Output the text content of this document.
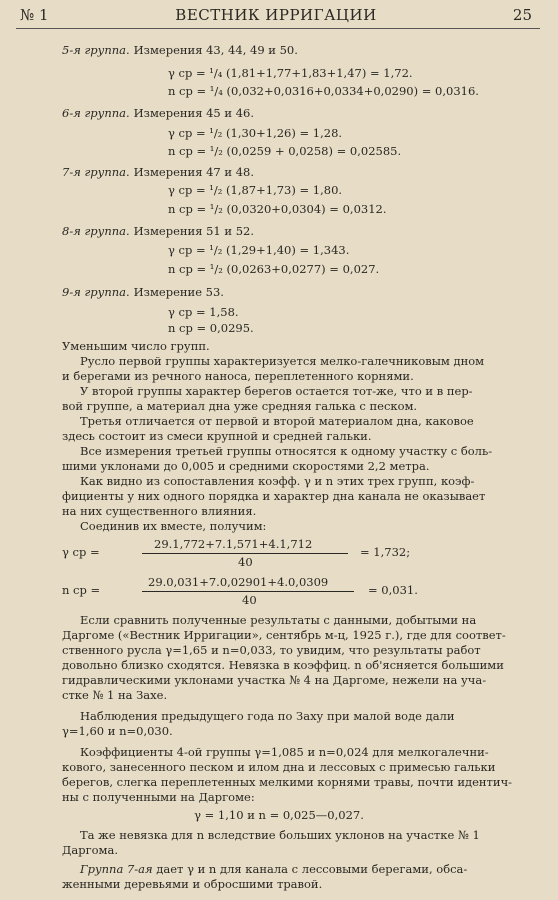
№ 1	ВЕСТНИК ИРРИГАЦИИ	25
5-я группа. Измерения 43, 44, 49 и 50.
γ ср = ¹/₄ (1,81+1,77+1,83+1,47) = 1,72.
n ср = ¹/₄ (0,032+0,0316+0,0334+0,0290) = 0,0316.
6-я группа. Измерения 45 и 46.
γ ср = ¹/₂ (1,30+1,26) = 1,28.
n ср = ¹/₂ (0,0259 + 0,0258) = 0,02585.
7-я группа. Измерения 47 и 48.
γ ср = ¹/₂ (1,87+1,73) = 1,80.
n ср = ¹/₂ (0,0320+0,0304) = 0,0312.
8-я группа. Измерения 51 и 52.
γ ср = ¹/₂ (1,29+1,40) = 1,343.
n ср = ¹/₂ (0,0263+0,0277) = 0,027.
9-я группа. Измерение 53.
γ ср = 1,58.
n ср = 0,0295.
Уменьшим число групп.
Русло первой группы характеризуется мелко-галечниковым дном
и берегами из речного наноса, переплетенного корнями.
У второй группы характер берегов остается тот-же, что и в пер-
вой группе, а материал дна уже средняя галька с песком.
Третья отличается от первой и второй материалом дна, каковое
здесь состоит из смеси крупной и средней гальки.
Все измерения третьей группы относятся к одному участку с боль-
шими уклонами до 0,005 и средними скоростями 2,2 метра.
Как видно из сопоставления коэфф. γ и n этих трех групп, коэф-
фициенты у них одного порядка и характер дна канала не оказывает
на них существенного влияния.
Соединив их вместе, получим:
γ ср =
29.1,772+7.1,571+4.1,712
40
= 1,732;
n ср =
29.0,031+7.0,02901+4.0,0309
40
= 0,031.
Если сравнить полученные результаты с данными, добытыми на
Даргоме («Вестник Ирригации», сентябрь м-ц, 1925 г.), где для соответ-
ственного русла γ=1,65 и n=0,033, то увидим, что результаты работ
довольно близко сходятся. Невязка в коэффиц. n об'ясняется большими
гидравлическими уклонами участка № 4 на Даргоме, нежели на уча-
стке № 1 на Захе.
Наблюдения предыдущего года по Заху при малой воде дали
γ=1,60 и n=0,030.
Коэффициенты 4-ой группы γ=1,085 и n=0,024 для мелкогалечни-
кового, занесенного песком и илом дна и лессовых с примесью гальки
берегов, слегка переплетенных мелкими корнями травы, почти идентич-
ны с полученными на Даргоме:
γ = 1,10 и n = 0,025—0,027.
Та же невязка для n вследствие больших уклонов на участке № 1
Даргома.
Группа 7-ая дает γ и n для канала с лессовыми берегами, обса-
женными деревьями и обросшими травой.
